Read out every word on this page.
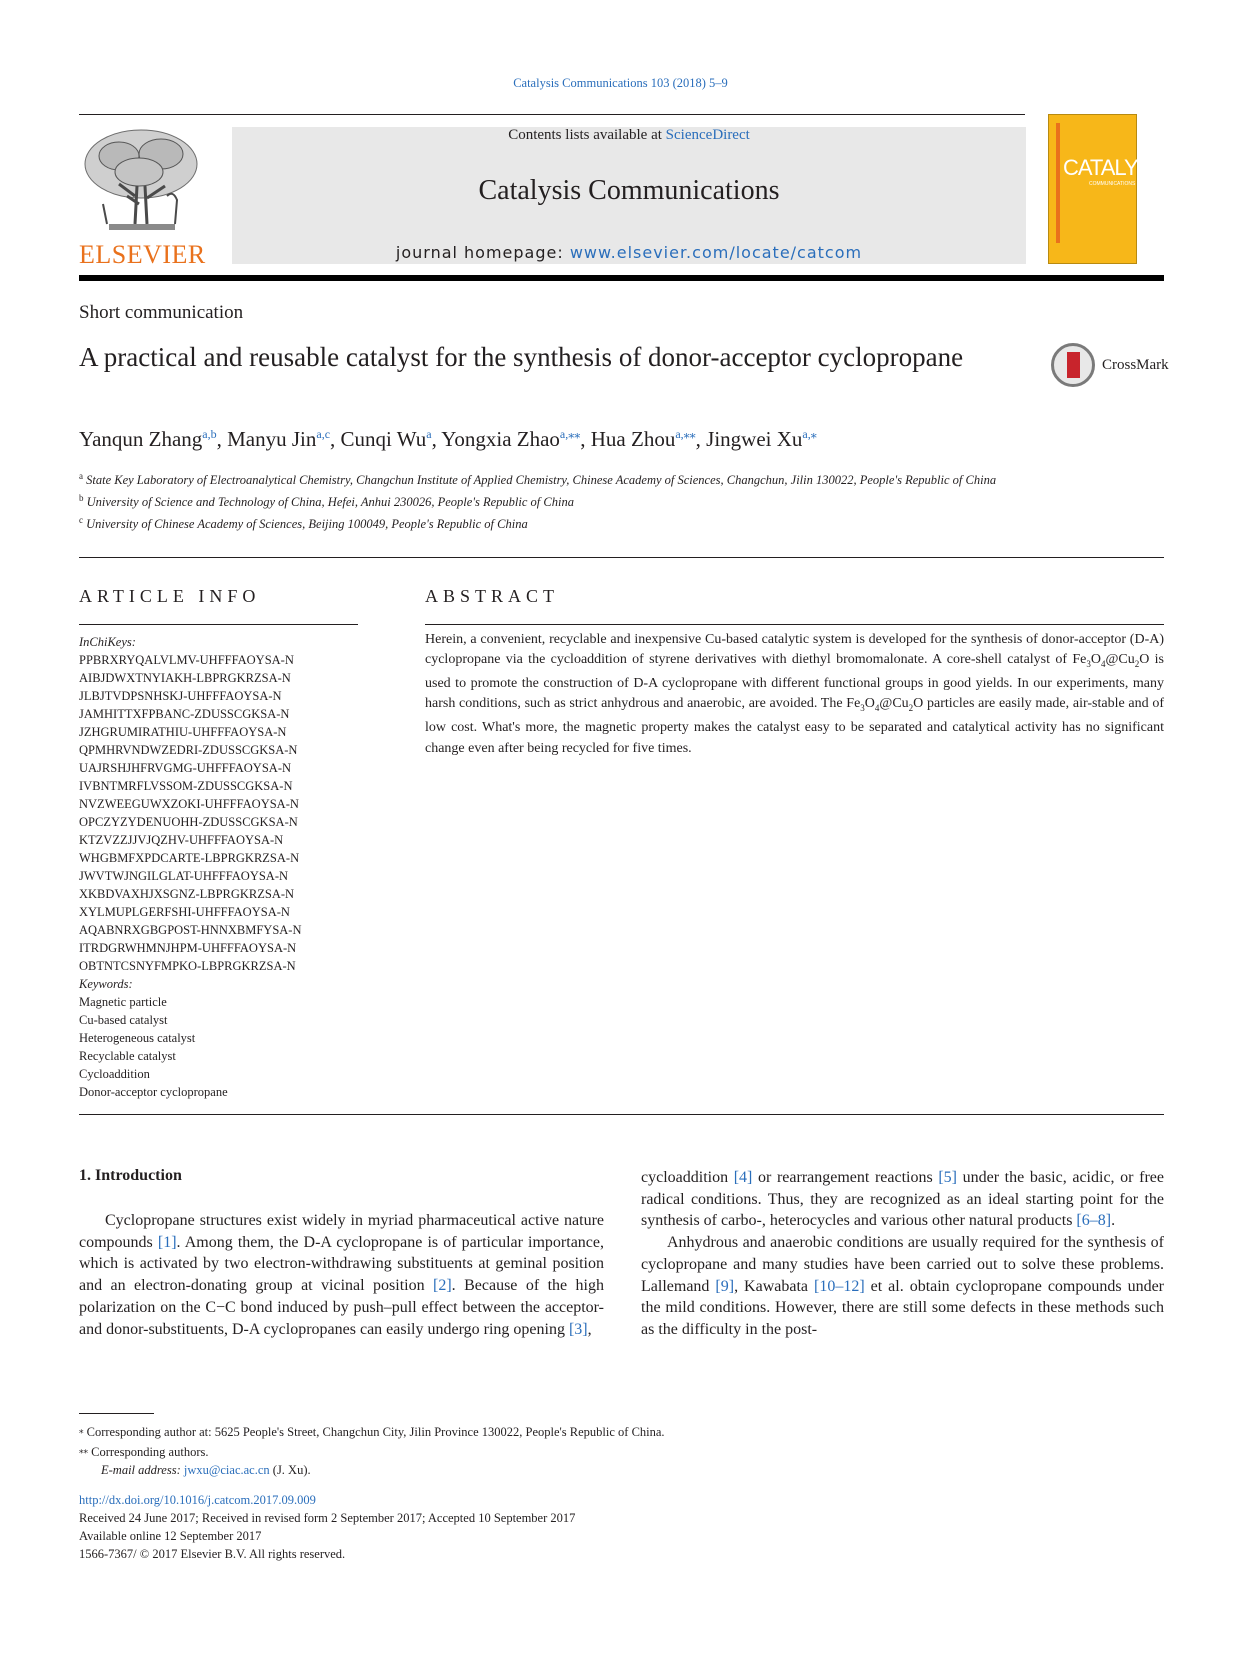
Catalysis Communications 103 (2018) 5–9
ELSEVIER
Contents lists available at ScienceDirect
Catalysis Communications
journal homepage: www.elsevier.com/locate/catcom
CATALYSIS
COMMUNICATIONS
Short communication
A practical and reusable catalyst for the synthesis of donor-acceptor cyclopropane	CrossMark
Yanqun Zhang$^{a,b}$, Manyu Jin$^{a,c}$, Cunqi Wu$^a$, Yongxia Zhao$^{a,⁎⁎}$, Hua Zhou$^{a,⁎⁎}$, Jingwei $Xu^{a,⁎}$

$^a$ State Key Laboratory of Electroanalytical Chemistry, Changchun Institute of Applied Chemistry, Chinese Academy of Sciences, Changchun, Jilin 130022, People's Republic of China

$^b$ University of Science and Technology of China, Hefei, Anhui 230026, People's Republic of China

$^c$ University of Chinese Academy of Sciences, Beijing 100049, People's Republic of China

ARTICLE INFO
InChiKeys:
PPBRXRYQALVLMV-UHFFFAOYSA-N
AIBJDWXTNYIAKH-LBPRGKRZSA-N
JLBJTVDPSNHSKJ-UHFFFAOYSA-N
JAMHITTXFPBANC-ZDUSSCGKSA-N
JZHGRUMIRATHIU-UHFFFAOYSA-N
QPMHRVNDWZEDRI-ZDUSSCGKSA-N
UAJRSHJHFRVGMG-UHFFFAOYSA-N
IVBNTMRFLVSSOM-ZDUSSCGKSA-N
NVZWEEGUWXZOKI-UHFFFAOYSA-N
OPCZYZYDENUOHH-ZDUSSCGKSA-N
KTZVZZJJVJQZHV-UHFFFAOYSA-N
WHGBMFXPDCARTE-LBPRGKRZSA-N
JWVTWJNGILGLAT-UHFFFAOYSA-N
XKBDVAXHJXSGNZ-LBPRGKRZSA-N
XYLMUPLGERFSHI-UHFFFAOYSA-N
AQABNRXGBGPOST-HNNXBMFYSA-N
ITRDGRWHMNJHPM-UHFFFAOYSA-N
OBTNTCSNYFMPKO-LBPRGKRZSA-N
Keywords:
Magnetic particle
Cu-based catalyst
Heterogeneous catalyst
Recyclable catalyst
Cycloaddition
Donor-acceptor cyclopropane
ABSTRACT
Herein, a convenient, recyclable and inexpensive Cu-based catalytic system is developed for the synthesis of donor-acceptor (D-A) cyclopropane via the cycloaddition of styrene derivatives with diethyl bromomalonate. A core-shell catalyst of $Fe_3O_4@Cu_2O$ is used to promote the construction of D-A cyclopropane with different functional groups in good yields. In our experiments, many harsh conditions, such as strict anhydrous and anaerobic, are avoided. The $Fe_3O_4@Cu_2O$ particles are easily made, air-stable and of low cost. What's more, the magnetic property makes the catalyst easy to be separated and catalytical activity has no significant change even after being recycled for five times.
1. Introduction

Cyclopropane structures exist widely in myriad pharmaceutical active nature compounds [1]. Among them, the D-A cyclopropane is of particular importance, which is activated by two electron-withdrawing substituents at geminal position and an electron-donating group at vicinal position [2]. Because of the high polarization on the C−C bond induced by push–pull effect between the acceptor- and donor-substituents, D-A cyclopropanes can easily undergo ring opening [3],

cycloaddition [4] or rearrangement reactions [5] under the basic, acidic, or free radical conditions. Thus, they are recognized as an ideal starting point for the synthesis of carbo-, heterocycles and various other natural products [6–8].

Anhydrous and anaerobic conditions are usually required for the synthesis of cyclopropane and many studies have been carried out to solve these problems. Lallemand [9], Kawabata [10–12] et al. obtain cyclopropane compounds under the mild conditions. However, there are still some defects in these methods such as the difficulty in the post-

⁎ Corresponding author at: 5625 People's Street, Changchun City, Jilin Province 130022, People's Republic of China.

⁎⁎ Corresponding authors.

E-mail address: jwxu@ciac.ac.cn (J. Xu).

http://dx.doi.org/10.1016/j.catcom.2017.09.009

Received 24 June 2017; Received in revised form 2 September 2017; Accepted 10 September 2017

Available online 12 September 2017

1566-7367/ © 2017 Elsevier B.V. All rights reserved.
